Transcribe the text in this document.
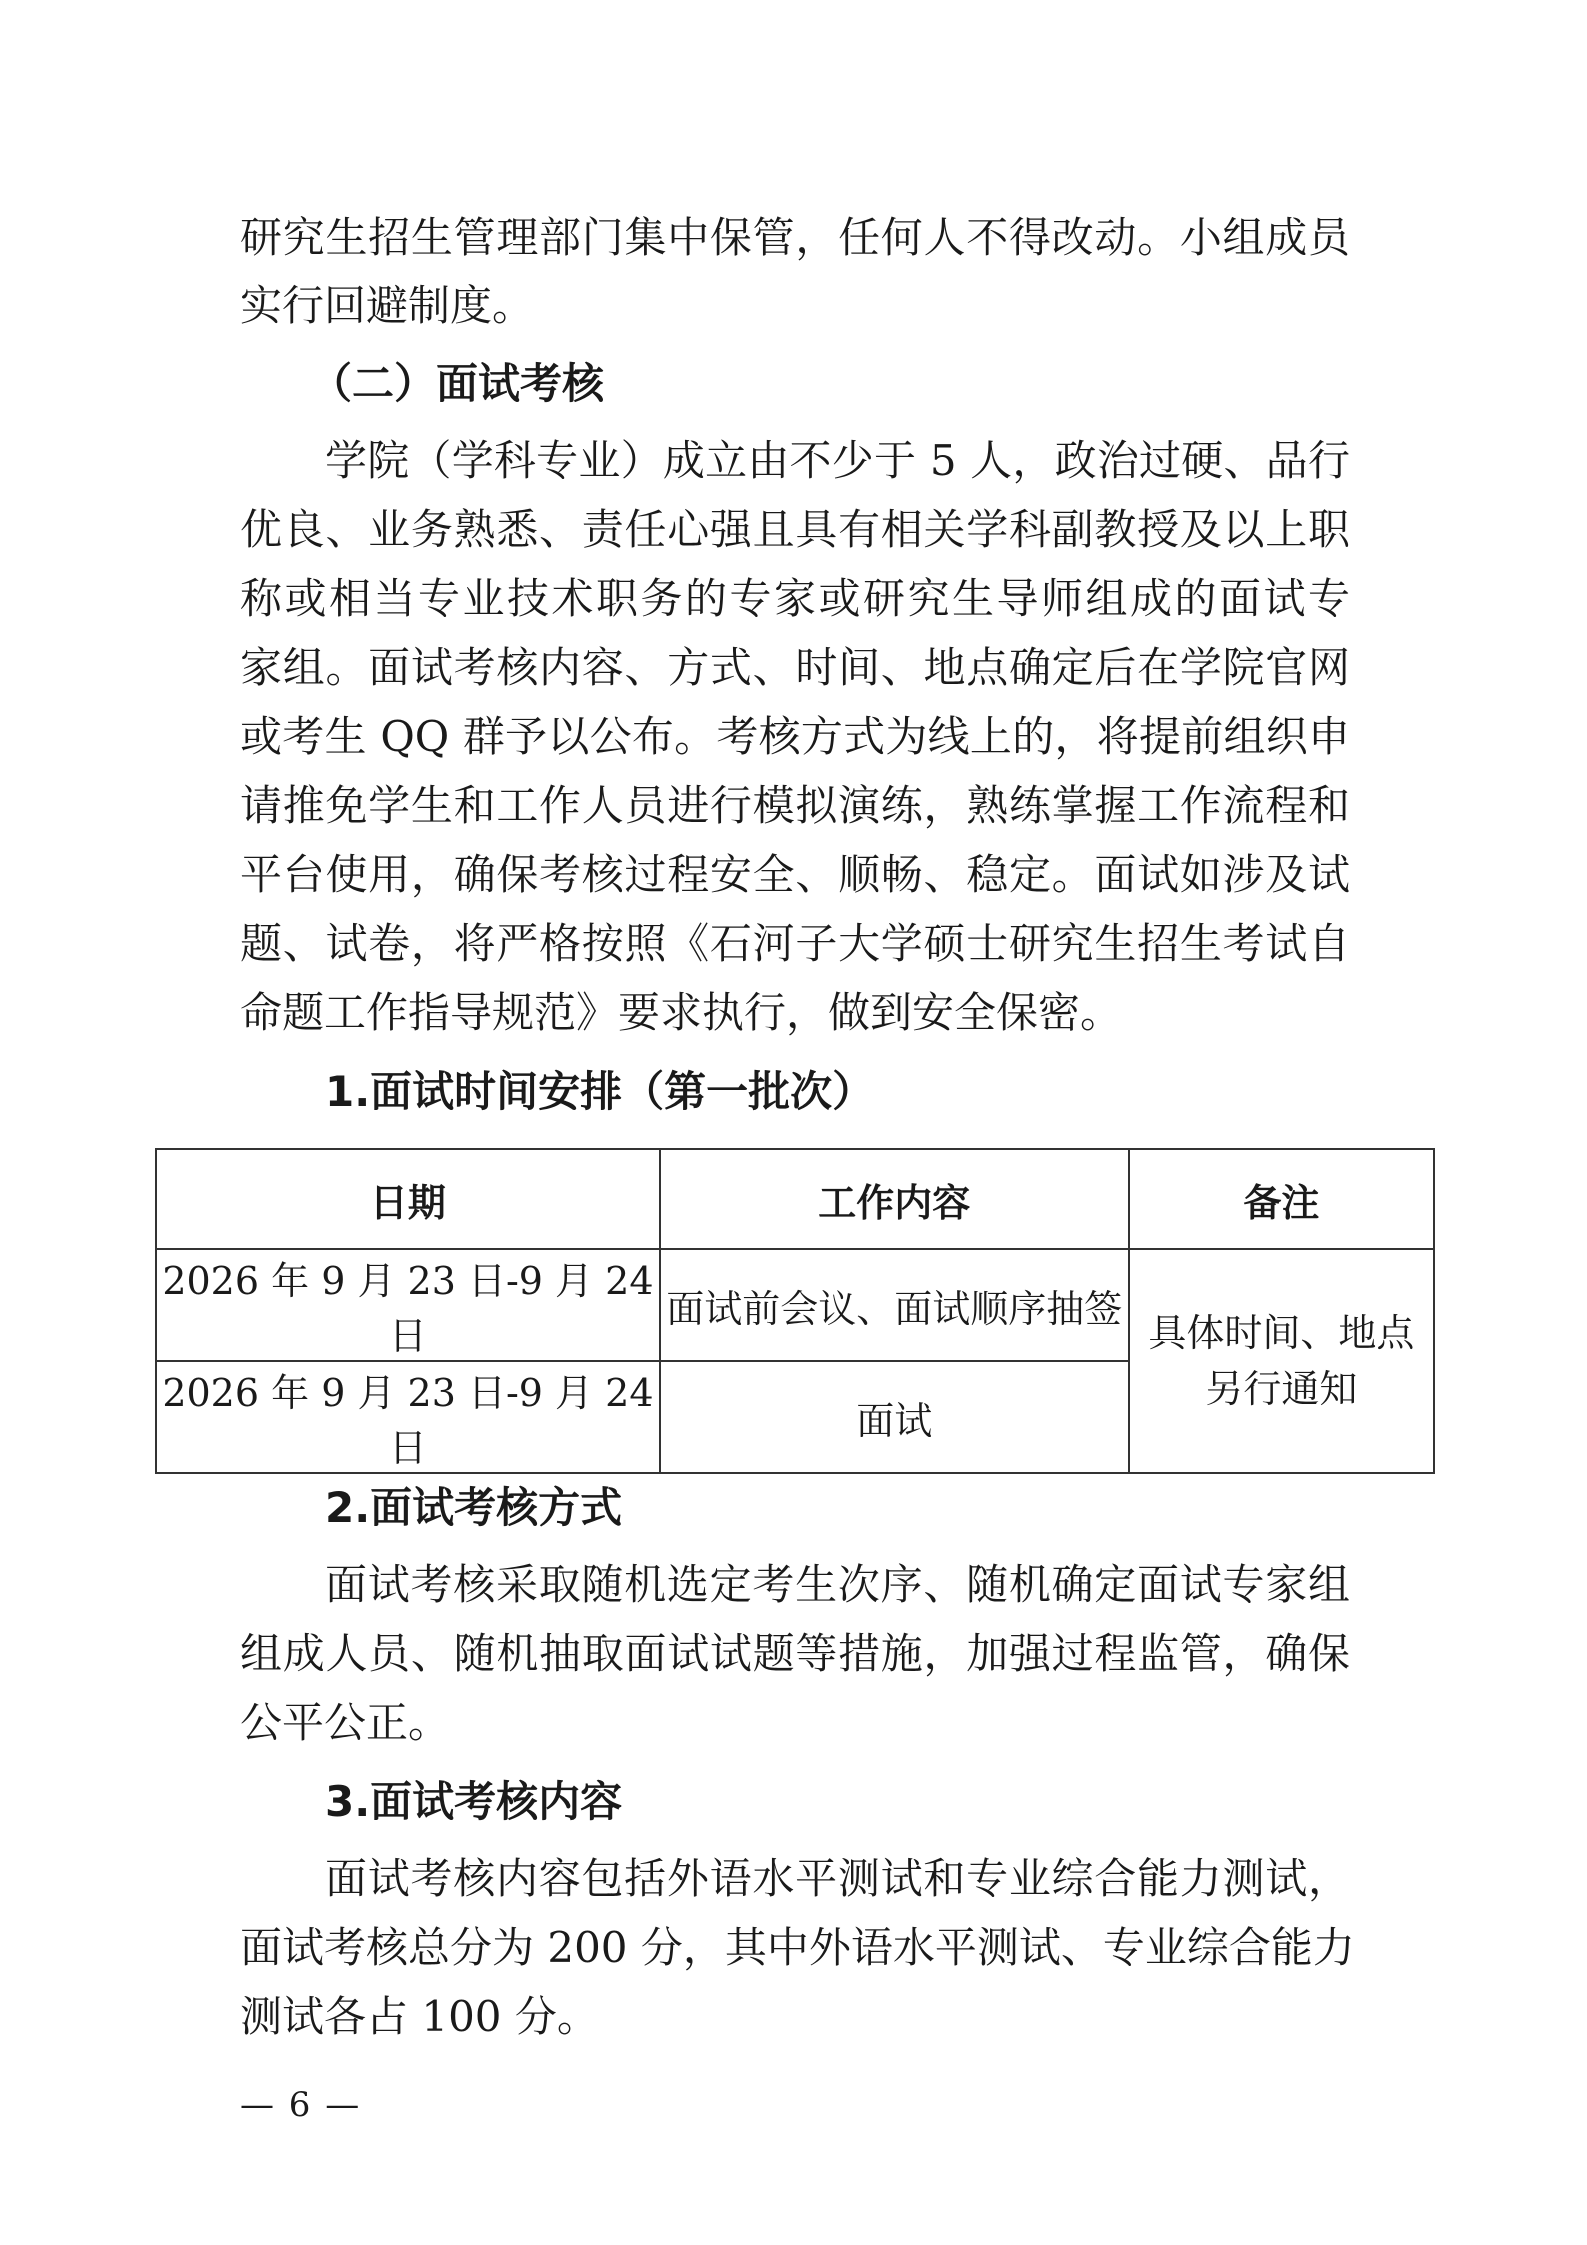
研究生招生管理部门集中保管，任何人不得改动。小组成员
实行回避制度。
（二）面试考核
学院（学科专业）成立由不少于 5 人，政治过硬、品行
优良、业务熟悉、责任心强且具有相关学科副教授及以上职
称或相当专业技术职务的专家或研究生导师组成的面试专
家组。面试考核内容、方式、时间、地点确定后在学院官网
或考生 QQ 群予以公布。考核方式为线上的，将提前组织申
请推免学生和工作人员进行模拟演练，熟练掌握工作流程和
平台使用，确保考核过程安全、顺畅、稳定。面试如涉及试
题、试卷，将严格按照《石河子大学硕士研究生招生考试自
命题工作指导规范》要求执行，做到安全保密。
1.面试时间安排（第一批次）
日期	工作内容	备注
2026 年 9 月 23 日-9 月 24 日	面试前会议、面试顺序抽签	具体时间、地点
另行通知

2026 年 9 月 23 日-9 月 24 日	面试	
2.面试考核方式
面试考核采取随机选定考生次序、随机确定面试专家组
组成人员、随机抽取面试试题等措施，加强过程监管，确保
公平公正。
3.面试考核内容
面试考核内容包括外语水平测试和专业综合能力测试，
面试考核总分为 200 分，其中外语水平测试、专业综合能力
测试各占 100 分。
— 6 —
